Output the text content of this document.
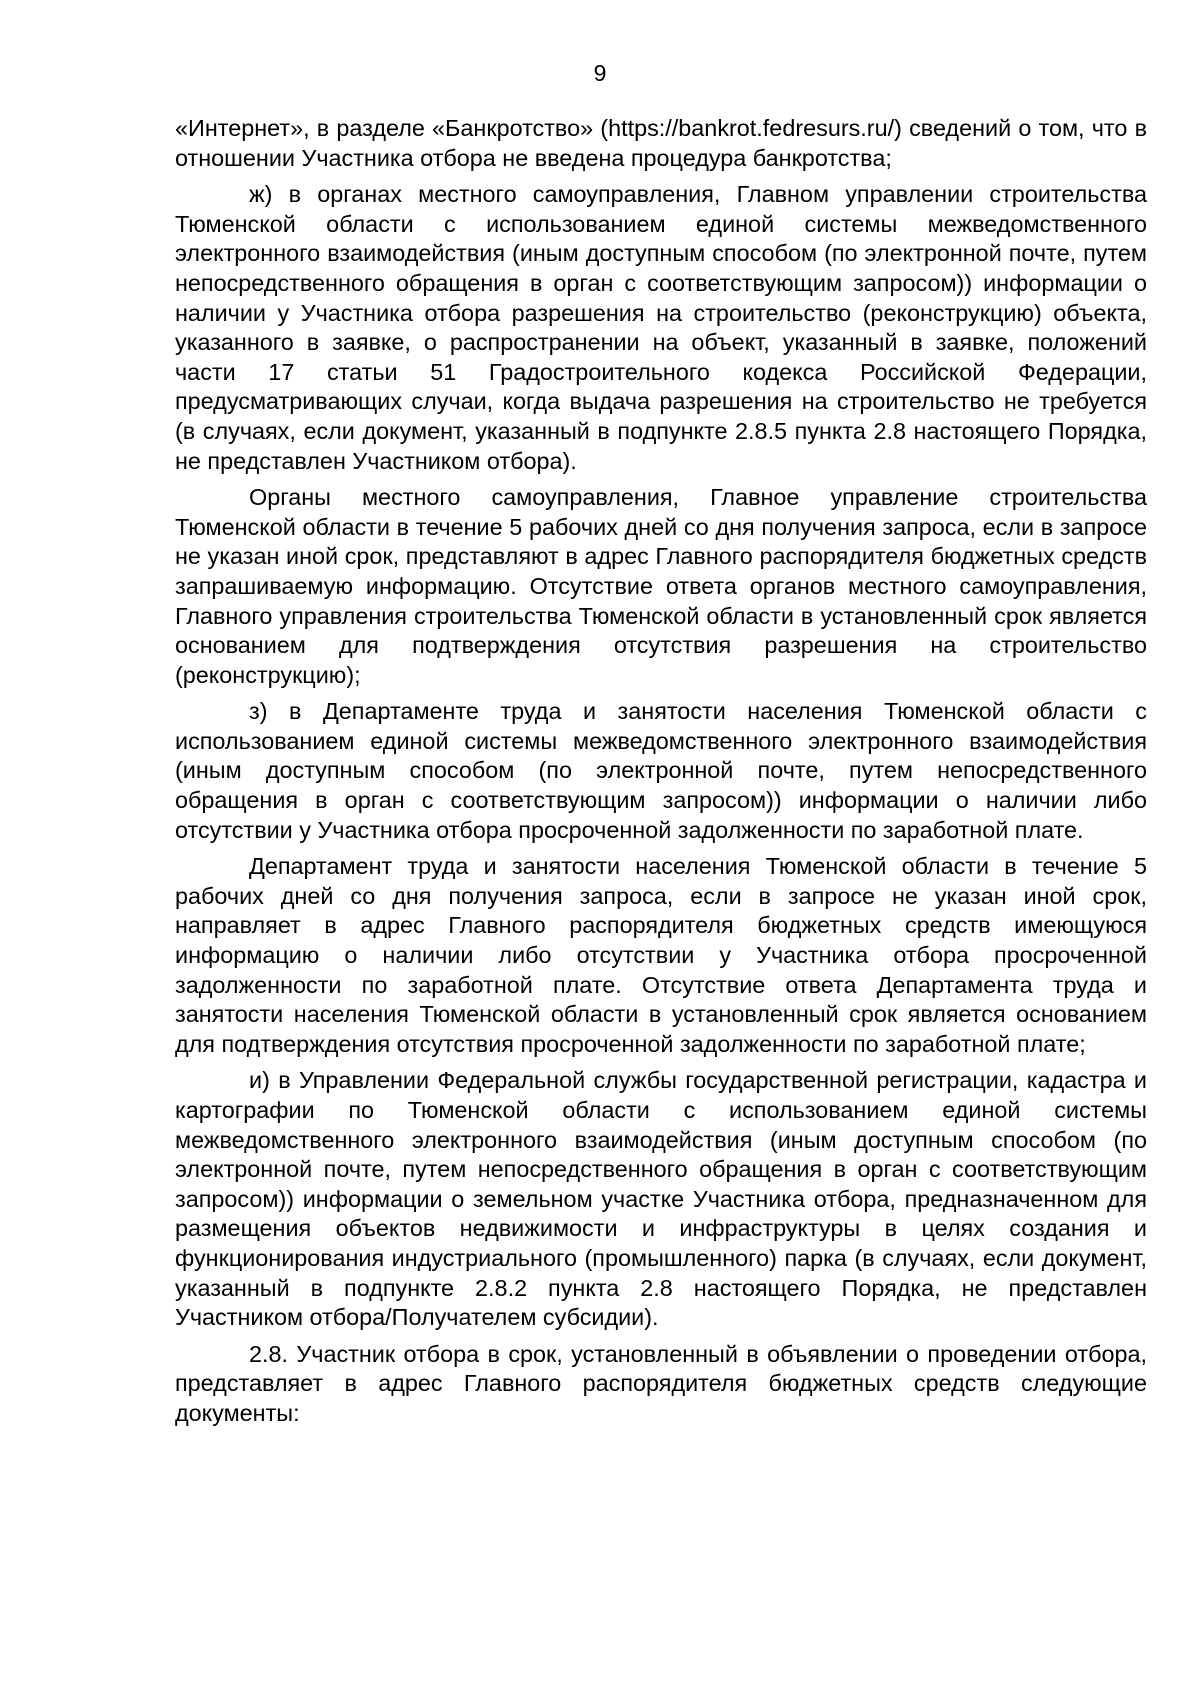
9

«Интернет», в разделе «Банкротство» (https://bankrot.fedresurs.ru/) сведений о том, что в отношении Участника отбора не введена процедура банкротства;

ж) в органах местного самоуправления, Главном управлении строительства Тюменской области с использованием единой системы межведомственного электронного взаимодействия (иным доступным способом (по электронной почте, путем непосредственного обращения в орган с соответствующим запросом)) информации о наличии у Участника отбора разрешения на строительство (реконструкцию) объекта, указанного в заявке, о распространении на объект, указанный в заявке, положений части 17 статьи 51 Градостроительного кодекса Российской Федерации, предусматривающих случаи, когда выдача разрешения на строительство не требуется (в случаях, если документ, указанный в подпункте 2.8.5 пункта 2.8 настоящего Порядка, не представлен Участником отбора).

Органы местного самоуправления, Главное управление строительства Тюменской области в течение 5 рабочих дней со дня получения запроса, если в запросе не указан иной срок, представляют в адрес Главного распорядителя бюджетных средств запрашиваемую информацию. Отсутствие ответа органов местного самоуправления, Главного управления строительства Тюменской области в установленный срок является основанием для подтверждения отсутствия разрешения на строительство (реконструкцию);

з) в Департаменте труда и занятости населения Тюменской области с использованием единой системы межведомственного электронного взаимодействия (иным доступным способом (по электронной почте, путем непосредственного обращения в орган с соответствующим запросом)) информации о наличии либо отсутствии у Участника отбора просроченной задолженности по заработной плате.

Департамент труда и занятости населения Тюменской области в течение 5 рабочих дней со дня получения запроса, если в запросе не указан иной срок, направляет в адрес Главного распорядителя бюджетных средств имеющуюся информацию о наличии либо отсутствии у Участника отбора просроченной задолженности по заработной плате. Отсутствие ответа Департамента труда и занятости населения Тюменской области в установленный срок является основанием для подтверждения отсутствия просроченной задолженности по заработной плате;

и) в Управлении Федеральной службы государственной регистрации, кадастра и картографии по Тюменской области с использованием единой системы межведомственного электронного взаимодействия (иным доступным способом (по электронной почте, путем непосредственного обращения в орган с соответствующим запросом)) информации о земельном участке Участника отбора, предназначенном для размещения объектов недвижимости и инфраструктуры в целях создания и функционирования индустриального (промышленного) парка (в случаях, если документ, указанный в подпункте 2.8.2 пункта 2.8 настоящего Порядка, не представлен Участником отбора/Получателем субсидии).

2.8. Участник отбора в срок, установленный в объявлении о проведении отбора, представляет в адрес Главного распорядителя бюджетных средств следующие документы:
